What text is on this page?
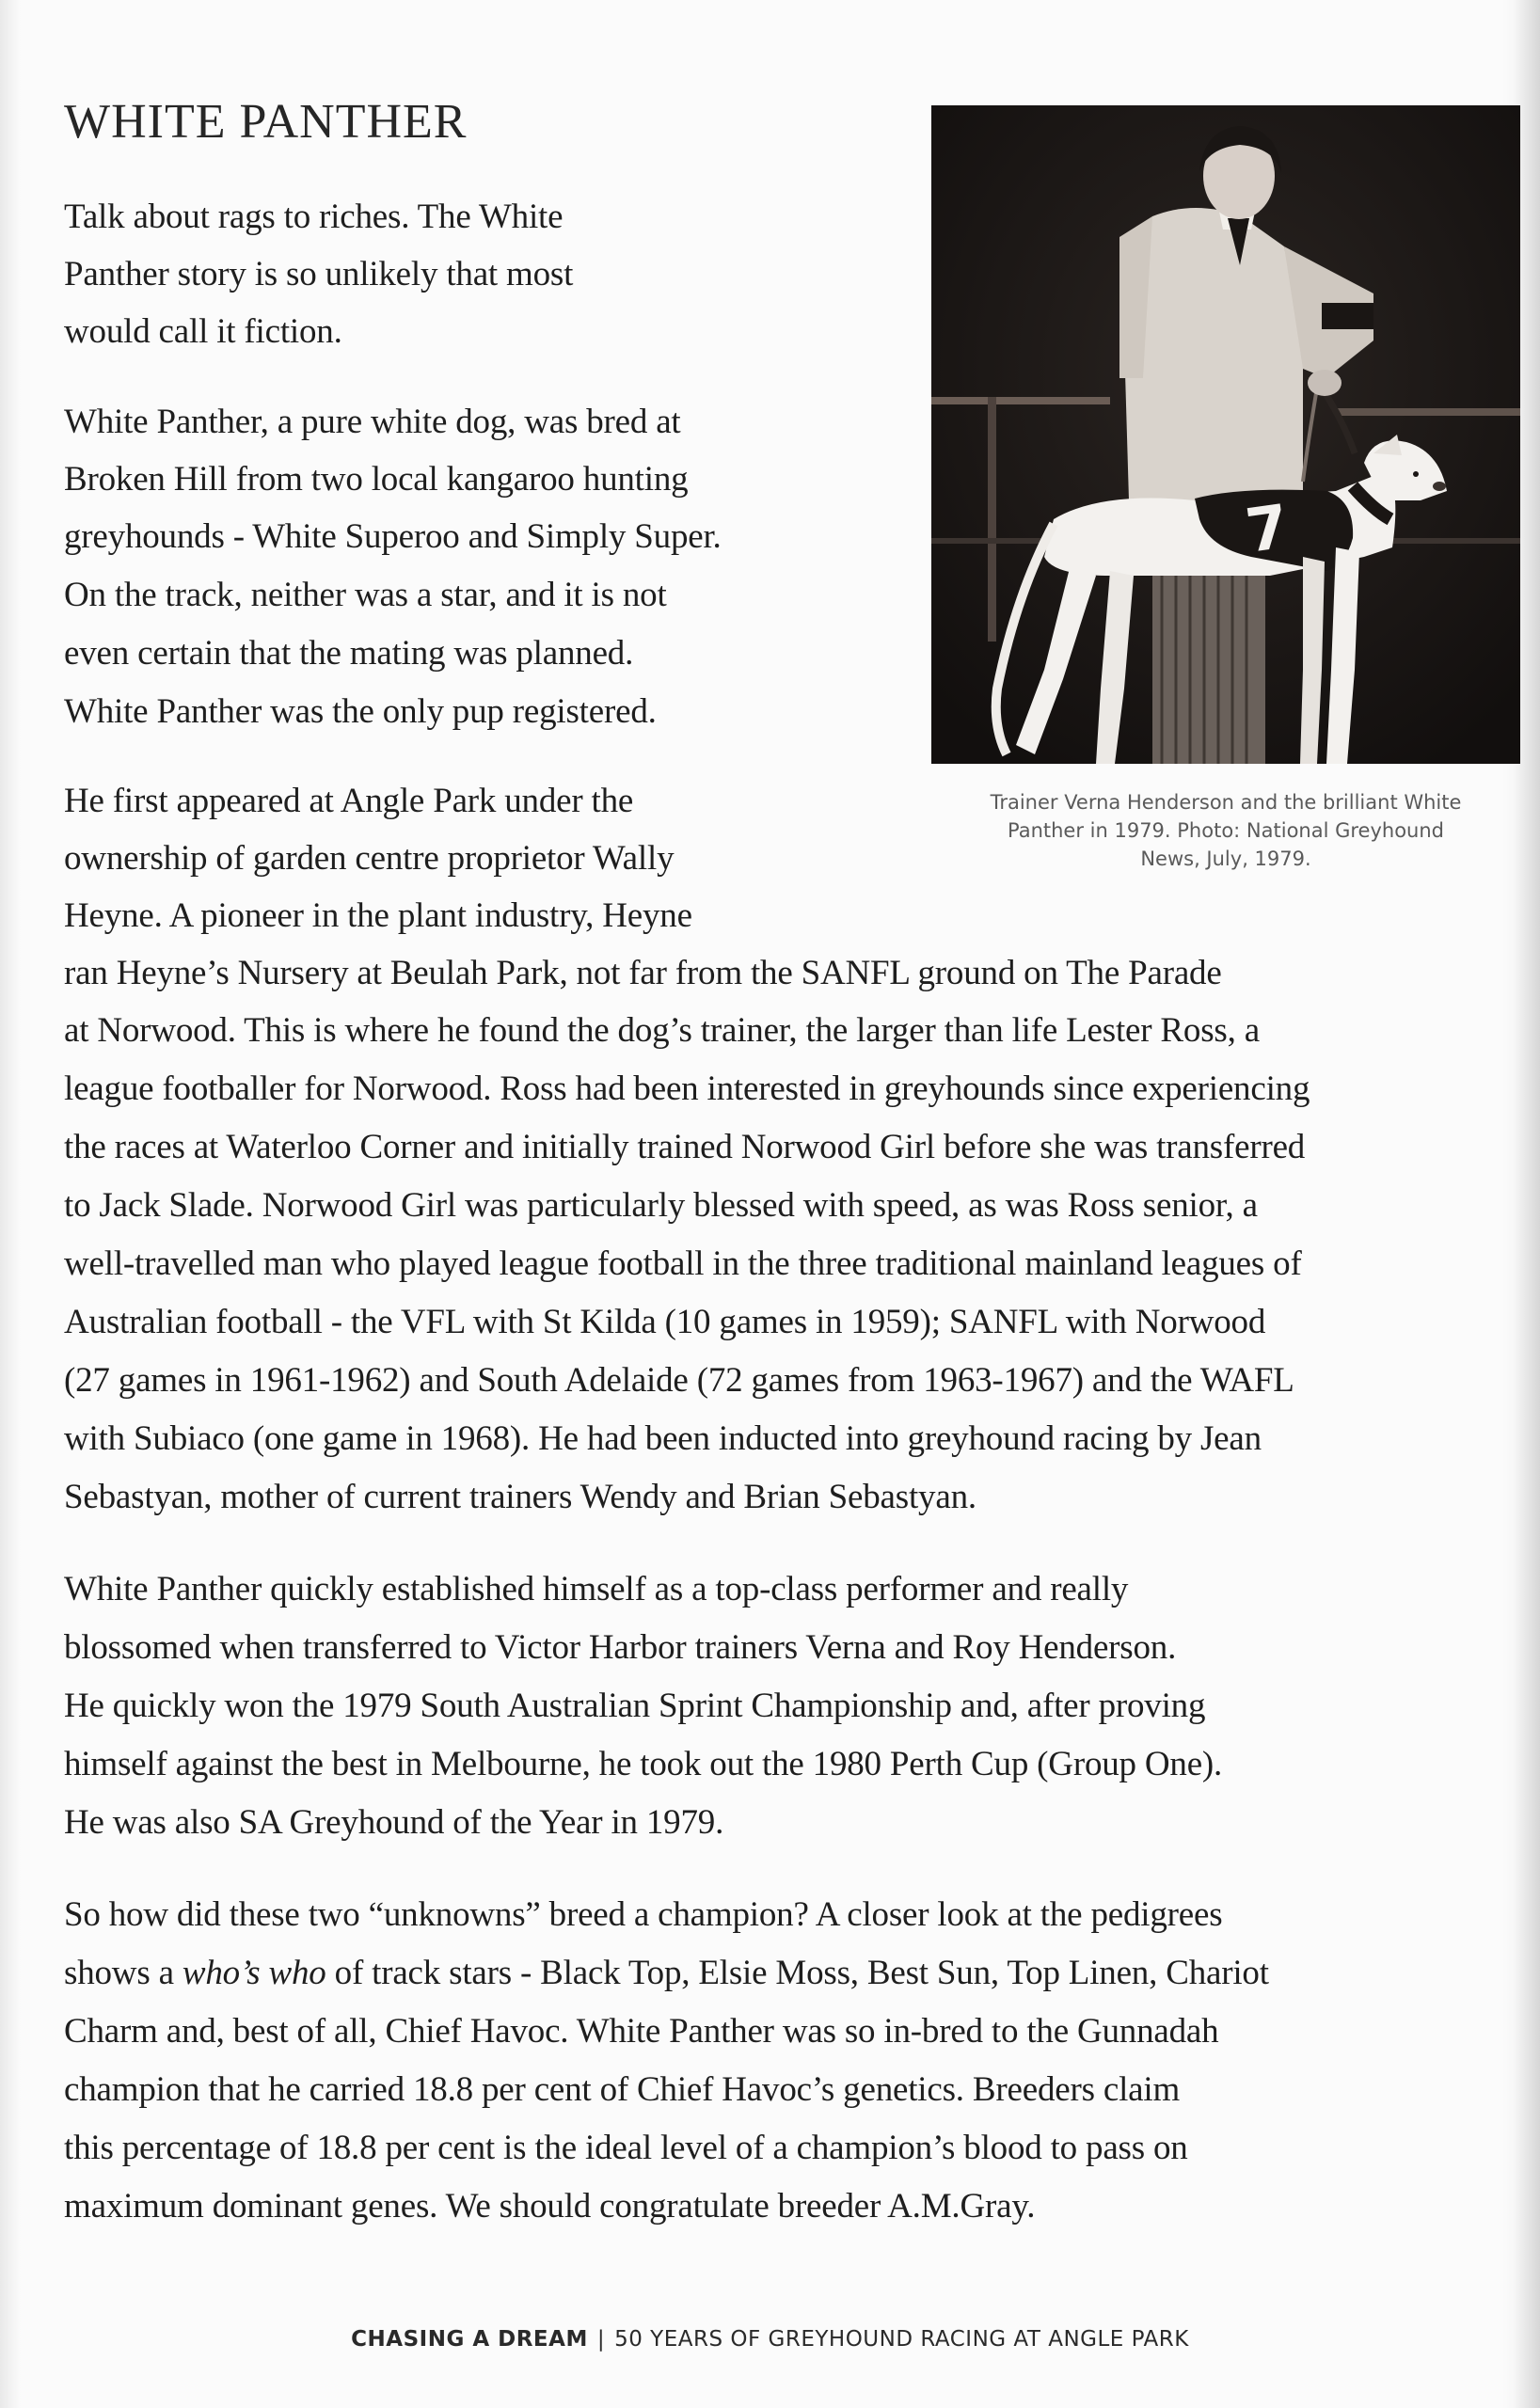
WHITE PANTHER
Talk about rags to riches. The White
Panther story is so unlikely that most
would call it fiction.
White Panther, a pure white dog, was bred at
Broken Hill from two local kangaroo hunting
greyhounds - White Superoo and Simply Super.
On the track, neither was a star, and it is not
even certain that the mating was planned.
White Panther was the only pup registered.
He first appeared at Angle Park under the
ownership of garden centre proprietor Wally
Heyne. A pioneer in the plant industry, Heyne
ran Heyne’s Nursery at Beulah Park, not far from the SANFL ground on The Parade
at Norwood. This is where he found the dog’s trainer, the larger than life Lester Ross, a
league footballer for Norwood. Ross had been interested in greyhounds since experiencing
the races at Waterloo Corner and initially trained Norwood Girl before she was transferred
to Jack Slade. Norwood Girl was particularly blessed with speed, as was Ross senior, a
well-travelled man who played league football in the three traditional mainland leagues of
Australian football - the VFL with St Kilda (10 games in 1959); SANFL with Norwood
(27 games in 1961-1962) and South Adelaide (72 games from 1963-1967) and the WAFL
with Subiaco (one game in 1968). He had been inducted into greyhound racing by Jean
Sebastyan, mother of current trainers Wendy and Brian Sebastyan.
White Panther quickly established himself as a top-class performer and really
blossomed when transferred to Victor Harbor trainers Verna and Roy Henderson.
He quickly won the 1979 South Australian Sprint Championship and, after proving
himself against the best in Melbourne, he took out the 1980 Perth Cup (Group One).
He was also SA Greyhound of the Year in 1979.
So how did these two “unknowns” breed a champion? A closer look at the pedigrees
shows a who’s who of track stars - Black Top, Elsie Moss, Best Sun, Top Linen, Chariot
Charm and, best of all, Chief Havoc. White Panther was so in-bred to the Gunnadah
champion that he carried 18.8 per cent of Chief Havoc’s genetics. Breeders claim
this percentage of 18.8 per cent is the ideal level of a champion’s blood to pass on
maximum dominant genes. We should congratulate breeder A.M.Gray.
7
Trainer Verna Henderson and the brilliant White
Panther in 1979. Photo: National Greyhound
News, July, 1979.
CHASING A DREAM | 50 YEARS OF GREYHOUND RACING AT ANGLE PARK
